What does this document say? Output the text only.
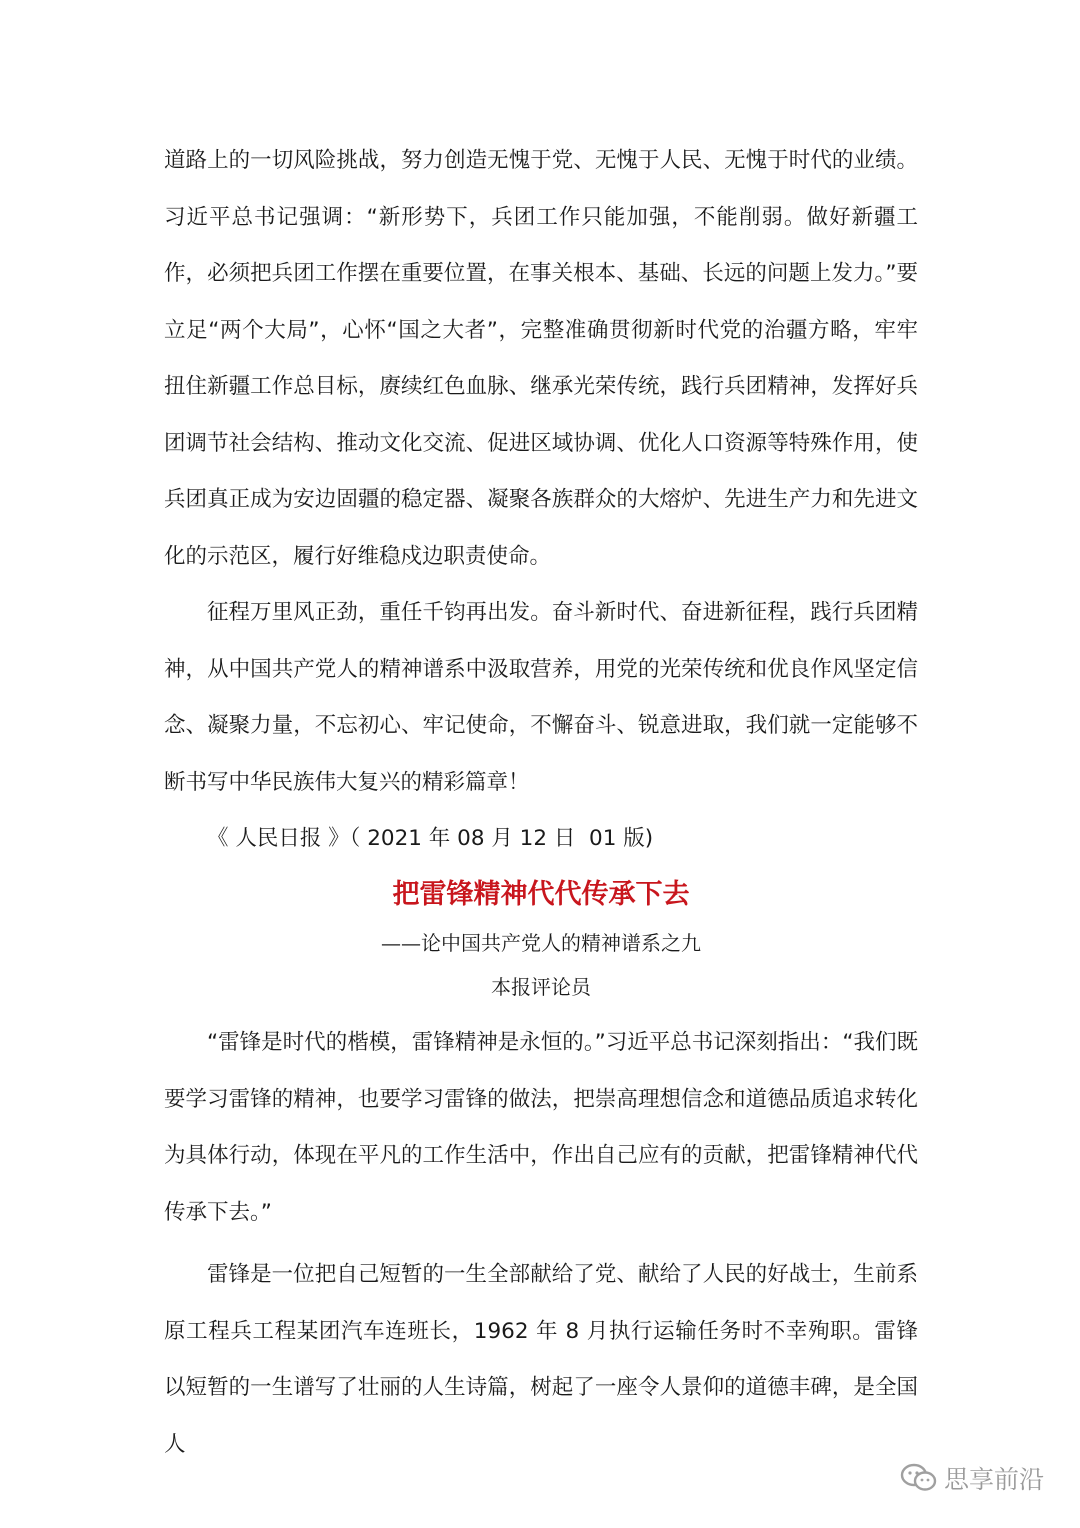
道路上的一切风险挑战，努力创造无愧于党、无愧于人民、无愧于时代的业绩。习近平总书记强调：“新形势下，兵团工作只能加强，不能削弱。做好新疆工作，必须把兵团工作摆在重要位置，在事关根本、基础、长远的问题上发力。”要立足“两个大局”，心怀“国之大者”，完整准确贯彻新时代党的治疆方略，牢牢扭住新疆工作总目标，赓续红色血脉、继承光荣传统，践行兵团精神，发挥好兵团调节社会结构、推动文化交流、促进区域协调、优化人口资源等特殊作用，使兵团真正成为安边固疆的稳定器、凝聚各族群众的大熔炉、先进生产力和先进文化的示范区，履行好维稳戍边职责使命。

征程万里风正劲，重任千钧再出发。奋斗新时代、奋进新征程，践行兵团精神，从中国共产党人的精神谱系中汲取营养，用党的光荣传统和优良作风坚定信念、凝聚力量，不忘初心、牢记使命，不懈奋斗、锐意进取，我们就一定能够不断书写中华民族伟大复兴的精彩篇章！

《 人民日报 》（ 2021 年 08 月 12 日  01 版)

把雷锋精神代代传承下去
——论中国共产党人的精神谱系之九
本报评论员

“雷锋是时代的楷模，雷锋精神是永恒的。”习近平总书记深刻指出：“我们既要学习雷锋的精神，也要学习雷锋的做法，把崇高理想信念和道德品质追求转化为具体行动，体现在平凡的工作生活中，作出自己应有的贡献，把雷锋精神代代传承下去。”

雷锋是一位把自己短暂的一生全部献给了党、献给了人民的好战士，生前系原工程兵工程某团汽车连班长，1962 年 8 月执行运输任务时不幸殉职。雷锋以短暂的一生谱写了壮丽的人生诗篇，树起了一座令人景仰的道德丰碑，是全国人

思享前沿
